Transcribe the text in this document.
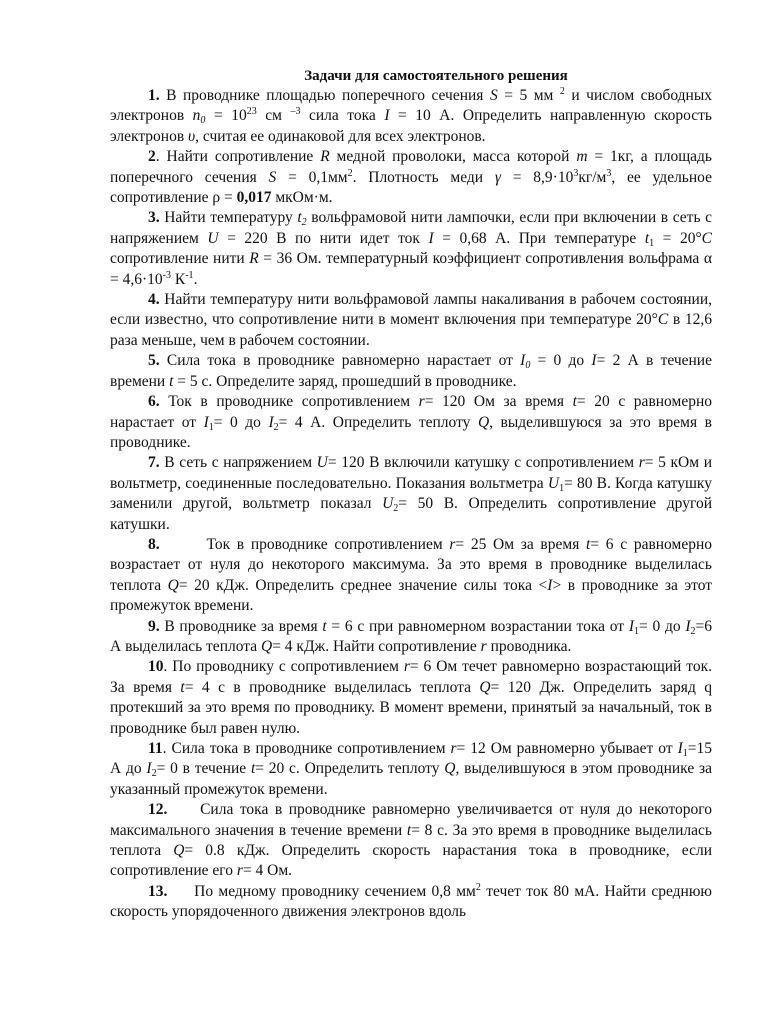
Задачи для самостоятельного решения

1. В проводнике площадью поперечного сечения S = 5 мм $^2$ и числом свободных электронов $n_0 = 10^{23}$ см $^{-3}$ сила тока I = 10 А. Определить направленную скорость электронов υ, считая ее одинаковой для всех электронов.

2. Найти сопротивление R медной проволоки, масса которой m = 1кг, а площадь поперечного сечения $S = 0,1мм^2$. Плотность меди $\gamma = 8,9\cdot 10^3кг/м^3$, ее удельное сопротивление ρ = 0,017 мкОм·м.

3. Найти температуру $t_2$ вольфрамовой нити лампочки, если при включении в сеть с напряжением U = 220 В по нити идет ток I = 0,68 А. При температуре $t_1 = 20^\circ C$ сопротивление нити R = 36 Ом. температурный коэффициент сопротивления вольфрама $\alpha = 4,6\cdot 10^{-3}$ $К^{-1}$.

4. Найти температуру нити вольфрамовой лампы накаливания в рабочем состоянии, если известно, что сопротивление нити в момент включения при температуре 20°C в 12,6 раза меньше, чем в рабочем состоянии.

5. Сила тока в проводнике равномерно нарастает от $I_0 = 0$ до I= 2 А в течение времени t = 5 с. Определите заряд, прошедший в проводнике.

6. Ток в проводнике сопротивлением r= 120 Ом за время t= 20 с равномерно нарастает от $I_1= 0$ до $I_2= 4$ А. Определить теплоту Q, выделившуюся за это время в проводнике.

7. В сеть с напряжением U= 120 В включили катушку с сопротивлением r= 5 кОм и вольтметр, соединенные последовательно. Показания вольтметра $U_1= 80$ В. Когда катушку заменили другой, вольтметр показал $U_2= 50$ В. Определить сопротивление другой катушки.

8.       Ток в проводнике сопротивлением r= 25 Ом за время t= 6 с равномерно возрастает от нуля до некоторого максимума. За это время в проводнике выделилась теплота Q= 20 кДж. Определить среднее значение силы тока <I> в проводнике за этот промежуток времени.

9. В проводнике за время t = 6 с при равномерном возрастании тока от $I_1= 0$ до $I_2=6$ А выделилась теплота Q= 4 кДж. Найти сопротивление r проводника.

10. По проводнику с сопротивлением r= 6 Ом течет равномерно возрастающий ток. За время t= 4 с в проводнике выделилась теплота Q= 120 Дж. Определить заряд q протекший за это время по проводнику. В момент времени, принятый за начальный, ток в проводнике был равен нулю.

11. Сила тока в проводнике сопротивлением r= 12 Ом равномерно убывает от $I_1=15$ А до $I_2= 0$ в течение t= 20 с. Определить теплоту Q, выделившуюся в этом проводнике за указанный промежуток времени.

12.     Сила тока в проводнике равномерно увеличивается от нуля до некоторого максимального значения в течение времени t= 8 с. За это время в проводнике выделилась теплота Q= 0.8 кДж. Определить скорость нарастания тока в проводнике, если сопротивление его r= 4 Ом.

13.     По медному проводнику сечением 0,8 $мм^2$ течет ток 80 мА. Найти среднюю скорость упорядоченного движения электронов вдоль
